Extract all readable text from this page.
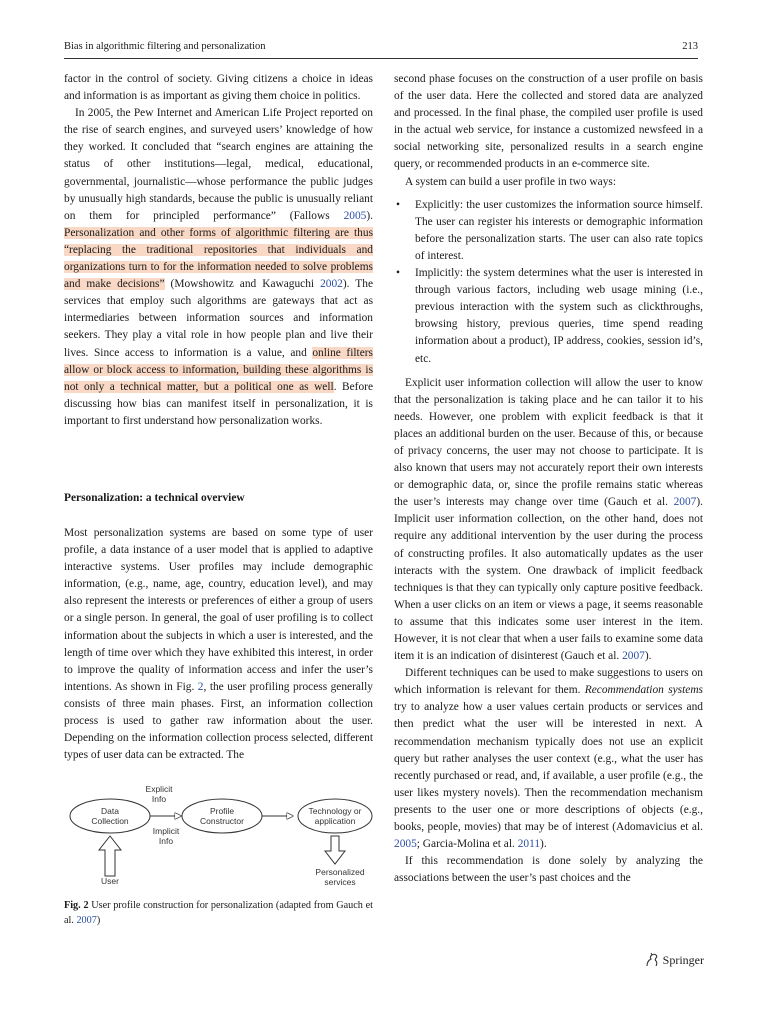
Bias in algorithmic filtering and personalization	213

factor in the control of society. Giving citizens a choice in ideas and information is as important as giving them choice in politics.

In 2005, the Pew Internet and American Life Project reported on the rise of search engines, and surveyed users’ knowledge of how they worked. It concluded that “search engines are attaining the status of other institutions—legal, medical, educational, governmental, journalistic—whose performance the public judges by unusually high standards, because the public is unusually reliant on them for principled performance” (Fallows 2005). Personalization and other forms of algorithmic filtering are thus “replacing the traditional repositories that individuals and organizations turn to for the information needed to solve problems and make decisions” (Mowshowitz and Kawaguchi 2002). The services that employ such algorithms are gateways that act as intermediaries between information sources and information seekers. They play a vital role in how people plan and live their lives. Since access to information is a value, and online filters allow or block access to information, building these algorithms is not only a technical matter, but a political one as well. Before discussing how bias can manifest itself in personalization, it is important to first understand how personalization works.

Personalization: a technical overview

Most personalization systems are based on some type of user profile, a data instance of a user model that is applied to adaptive interactive systems. User profiles may include demographic information, (e.g., name, age, country, education level), and may also represent the interests or preferences of either a group of users or a single person. In general, the goal of user profiling is to collect information about the subjects in which a user is interested, and the length of time over which they have exhibited this interest, in order to improve the quality of information access and infer the user’s intentions. As shown in Fig. 2, the user profiling process generally consists of three main phases. First, an information collection process is used to gather raw information about the user. Depending on the information collection process selected, different types of user data can be extracted. The

Explicit
Info
Data
Collection
Profile
Constructor
Technology or
application
Implicit
Info
User
Personalized
services
Fig. 2 User profile construction for personalization (adapted from Gauch et al. 2007)

second phase focuses on the construction of a user profile on basis of the user data. Here the collected and stored data are analyzed and processed. In the final phase, the compiled user profile is used in the actual web service, for instance a customized newsfeed in a social networking site, personalized results in a search engine query, or recommended products in an e-commerce site.

A system can build a user profile in two ways:

• Explicitly: the user customizes the information source himself. The user can register his interests or demographic information before the personalization starts. The user can also rate topics of interest.
• Implicitly: the system determines what the user is interested in through various factors, including web usage mining (i.e., previous interaction with the system such as clickthroughs, browsing history, previous queries, time spend reading information about a product), IP address, cookies, session id’s, etc.

Explicit user information collection will allow the user to know that the personalization is taking place and he can tailor it to his needs. However, one problem with explicit feedback is that it places an additional burden on the user. Because of this, or because of privacy concerns, the user may not choose to participate. It is also known that users may not accurately report their own interests or demographic data, or, since the profile remains static whereas the user’s interests may change over time (Gauch et al. 2007). Implicit user information collection, on the other hand, does not require any additional intervention by the user during the process of constructing profiles. It also automatically updates as the user interacts with the system. One drawback of implicit feedback techniques is that they can typically only capture positive feedback. When a user clicks on an item or views a page, it seems reasonable to assume that this indicates some user interest in the item. However, it is not clear that when a user fails to examine some data item it is an indication of disinterest (Gauch et al. 2007).

Different techniques can be used to make suggestions to users on which information is relevant for them. Recommendation systems try to analyze how a user values certain products or services and then predict what the user will be interested in next. A recommendation mechanism typically does not use an explicit query but rather analyses the user context (e.g., what the user has recently purchased or read, and, if available, a user profile (e.g., the user likes mystery novels). Then the recommendation mechanism presents to the user one or more descriptions of objects (e.g., books, people, movies) that may be of interest (Adomavicius et al. 2005; Garcia-Molina et al. 2011).

If this recommendation is done solely by analyzing the associations between the user’s past choices and the

Springer
